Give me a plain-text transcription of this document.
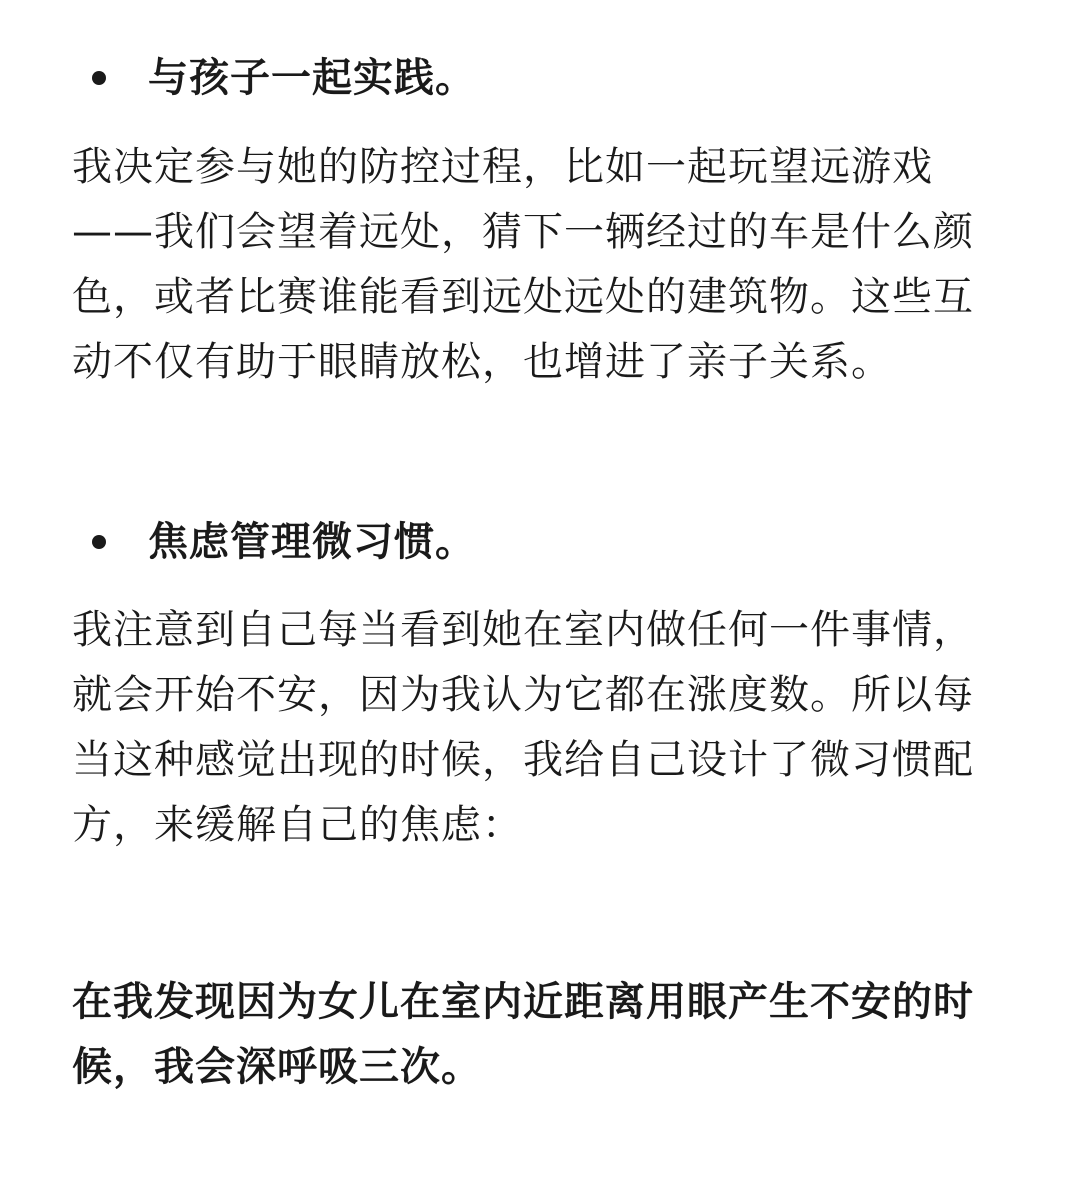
与孩子一起实践。

我决定参与她的防控过程，比如一起玩望远游戏——我们会望着远处，猜下一辆经过的车是什么颜色，或者比赛谁能看到远处远处的建筑物。这些互动不仅有助于眼睛放松，也增进了亲子关系。

焦虑管理微习惯。

我注意到自己每当看到她在室内做任何一件事情，就会开始不安，因为我认为它都在涨度数。所以每当这种感觉出现的时候，我给自己设计了微习惯配方，来缓解自己的焦虑：

在我发现因为女儿在室内近距离用眼产生不安的时候，我会深呼吸三次。
